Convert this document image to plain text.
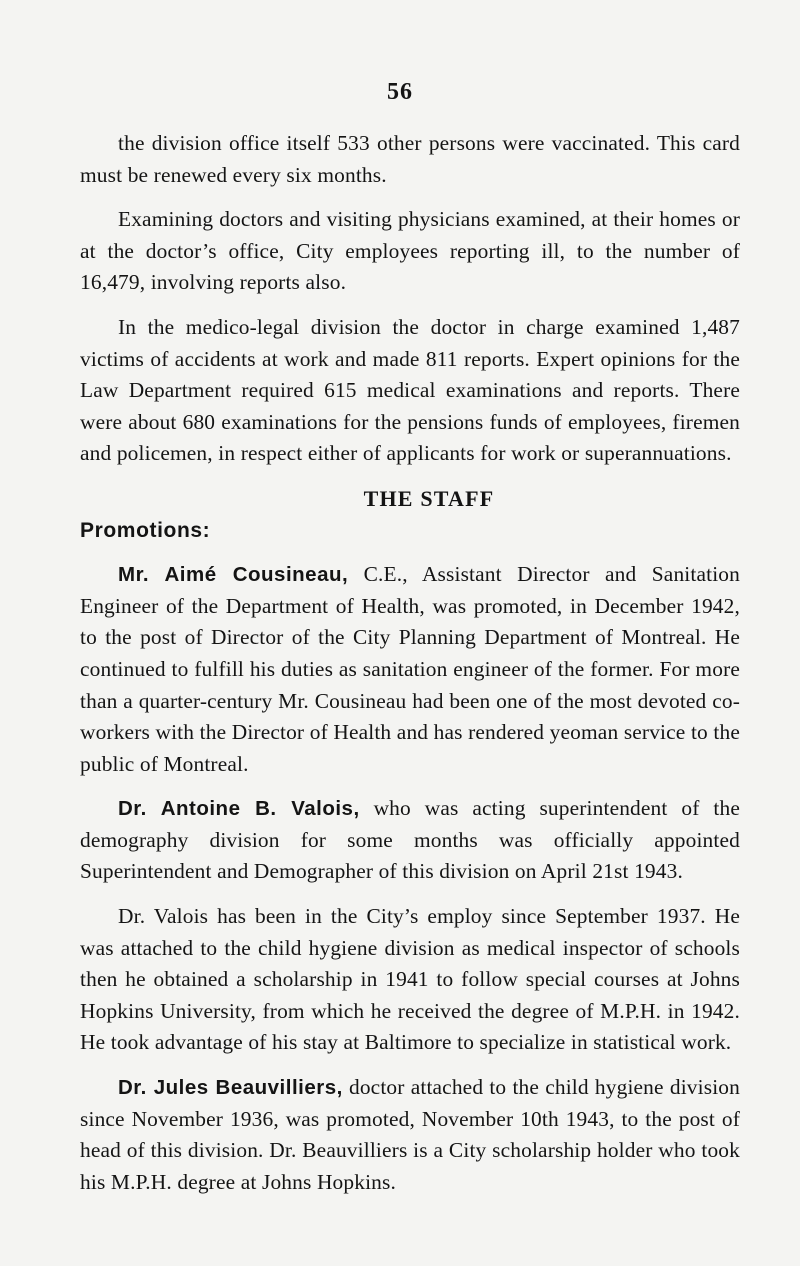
56

the division office itself 533 other persons were vaccinated. This card must be renewed every six months.

Examining doctors and visiting physicians examined, at their homes or at the doctor’s office, City employees reporting ill, to the number of 16,479, involving reports also.

In the medico-legal division the doctor in charge examined 1,487 victims of accidents at work and made 811 reports. Expert opinions for the Law Department required 615 medical examinations and reports. There were about 680 examinations for the pensions funds of employees, firemen and policemen, in respect either of applicants for work or superannuations.

THE STAFF

Promotions:

Mr. Aimé Cousineau, C.E., Assistant Director and Sanitation Engineer of the Department of Health, was promoted, in December 1942, to the post of Director of the City Planning Department of Montreal. He continued to fulfill his duties as sanitation engineer of the former. For more than a quarter-century Mr. Cousineau had been one of the most devoted co-workers with the Director of Health and has rendered yeoman service to the public of Montreal.

Dr. Antoine B. Valois, who was acting superintendent of the demography division for some months was officially appointed Superintendent and Demographer of this division on April 21st 1943.

Dr. Valois has been in the City’s employ since September 1937. He was attached to the child hygiene division as medical inspector of schools then he obtained a scholarship in 1941 to follow special courses at Johns Hopkins University, from which he received the degree of M.P.H. in 1942. He took advantage of his stay at Baltimore to specialize in statistical work.

Dr. Jules Beauvilliers, doctor attached to the child hygiene division since November 1936, was promoted, November 10th 1943, to the post of head of this division. Dr. Beauvilliers is a City scholarship holder who took his M.P.H. degree at Johns Hopkins.
